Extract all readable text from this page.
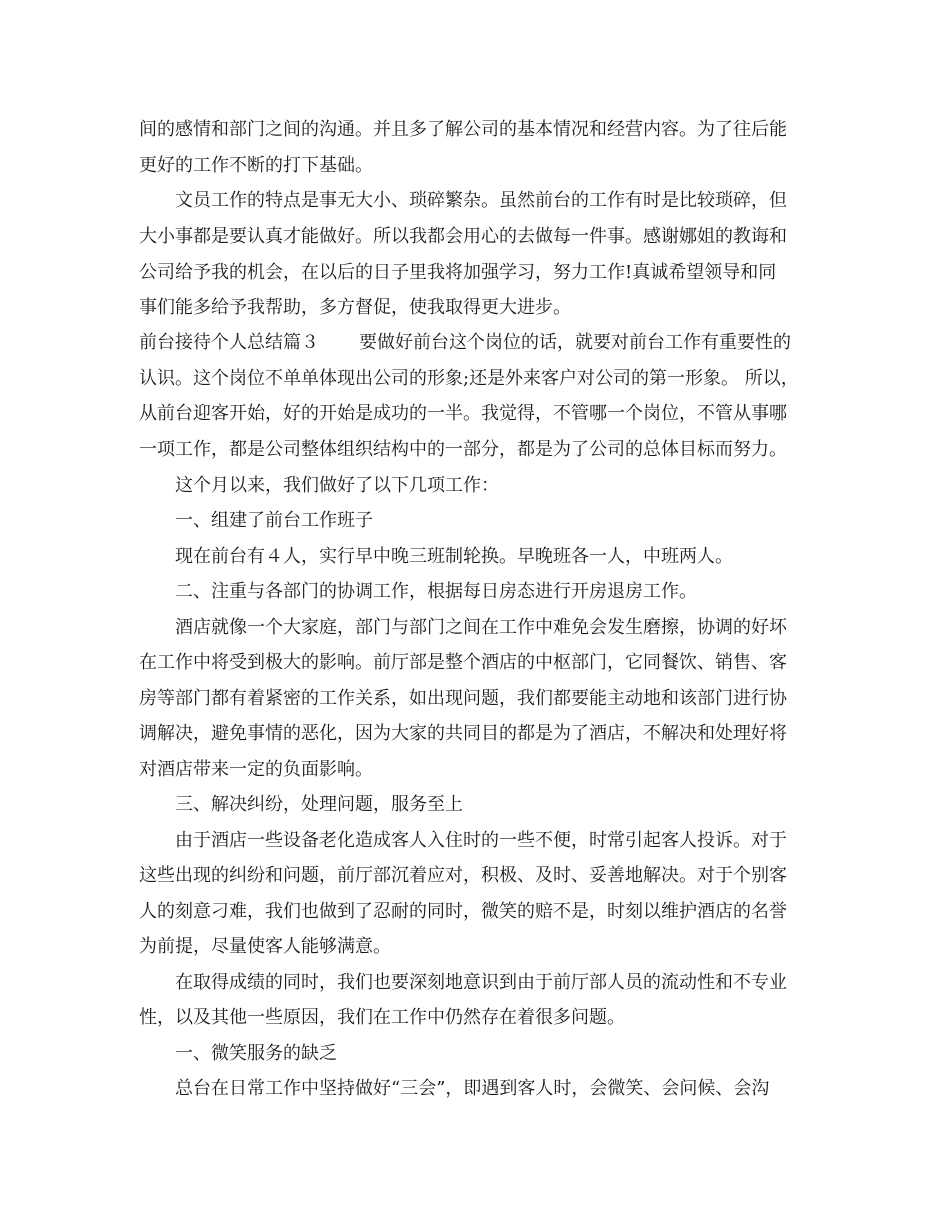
间的感情和部门之间的沟通。并且多了解公司的基本情况和经营内容。为了往后能
更好的工作不断的打下基础。
文员工作的特点是事无大小、琐碎繁杂。虽然前台的工作有时是比较琐碎，但
大小事都是要认真才能做好。所以我都会用心的去做每一件事。感谢娜姐的教诲和
公司给予我的机会，在以后的日子里我将加强学习，努力工作!真诚希望领导和同
事们能多给予我帮助，多方督促，使我取得更大进步。
前台接待个人总结篇３ 要做好前台这个岗位的话，就要对前台工作有重要性的
认识。这个岗位不单单体现出公司的形象;还是外来客户对公司的第一形象。 所以，
从前台迎客开始，好的开始是成功的一半。我觉得，不管哪一个岗位，不管从事哪
一项工作，都是公司整体组织结构中的一部分，都是为了公司的总体目标而努力。
这个月以来，我们做好了以下几项工作：
一、组建了前台工作班子
现在前台有４人，实行早中晚三班制轮换。早晚班各一人，中班两人。
二、注重与各部门的协调工作，根据每日房态进行开房退房工作。
酒店就像一个大家庭，部门与部门之间在工作中难免会发生磨擦，协调的好坏
在工作中将受到极大的影响。前厅部是整个酒店的中枢部门，它同餐饮、销售、客
房等部门都有着紧密的工作关系，如出现问题，我们都要能主动地和该部门进行协
调解决，避免事情的恶化，因为大家的共同目的都是为了酒店，不解决和处理好将
对酒店带来一定的负面影响。
三、解决纠纷，处理问题，服务至上
由于酒店一些设备老化造成客人入住时的一些不便，时常引起客人投诉。对于
这些出现的纠纷和问题，前厅部沉着应对，积极、及时、妥善地解决。对于个别客
人的刻意刁难，我们也做到了忍耐的同时，微笑的赔不是，时刻以维护酒店的名誉
为前提，尽量使客人能够满意。
在取得成绩的同时，我们也要深刻地意识到由于前厅部人员的流动性和不专业
性，以及其他一些原因，我们在工作中仍然存在着很多问题。
一、微笑服务的缺乏
总台在日常工作中坚持做好“三会”，即遇到客人时，会微笑、会问候、会沟
